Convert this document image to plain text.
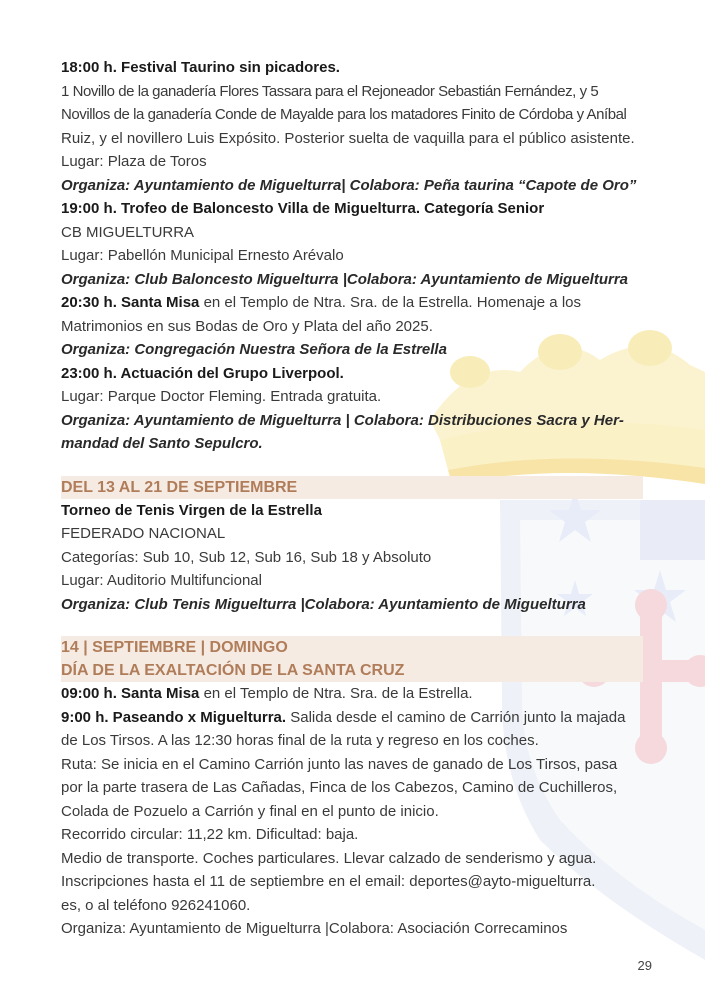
18:00 h. Festival Taurino sin picadores.
1 Novillo de la ganadería Flores Tassara para el Rejoneador Sebastián Fernández, y 5
Novillos de la ganadería Conde de Mayalde para los matadores Finito de Córdoba y Aníbal
Ruiz, y el novillero Luis Expósito. Posterior suelta de vaquilla para el público asistente.
Lugar: Plaza de Toros
Organiza: Ayuntamiento de Miguelturra| Colabora: Peña taurina “Capote de Oro”
19:00 h. Trofeo de Baloncesto Villa de Miguelturra. Categoría Senior
CB MIGUELTURRA
Lugar: Pabellón Municipal Ernesto Arévalo
Organiza: Club Baloncesto Miguelturra |Colabora: Ayuntamiento de Miguelturra
20:30 h. Santa Misa en el Templo de Ntra. Sra. de la Estrella. Homenaje a los
Matrimonios en sus Bodas de Oro y Plata del año 2025.
Organiza: Congregación Nuestra Señora de la Estrella
23:00 h. Actuación del Grupo Liverpool.
Lugar: Parque Doctor Fleming. Entrada gratuita.
Organiza: Ayuntamiento de Miguelturra | Colabora: Distribuciones Sacra y Her-
mandad del Santo Sepulcro.
DEL 13 AL 21 DE SEPTIEMBRE
Torneo de Tenis Virgen de la Estrella
FEDERADO NACIONAL
Categorías: Sub 10, Sub 12, Sub 16, Sub 18 y Absoluto
Lugar: Auditorio Multifuncional
Organiza: Club Tenis Miguelturra |Colabora: Ayuntamiento de Miguelturra
14 | SEPTIEMBRE | DOMINGO
DÍA DE LA EXALTACIÓN DE LA SANTA CRUZ
09:00 h. Santa Misa en el Templo de Ntra. Sra. de la Estrella.
9:00 h. Paseando x Miguelturra. Salida desde el camino de Carrión junto la majada
de Los Tirsos. A las 12:30 horas final de la ruta y regreso en los coches.
Ruta: Se inicia en el Camino Carrión junto las naves de ganado de Los Tirsos, pasa
por la parte trasera de Las Cañadas, Finca de los Cabezos, Camino de Cuchilleros,
Colada de Pozuelo a Carrión y final en el punto de inicio.
Recorrido circular: 11,22 km. Dificultad: baja.
Medio de transporte. Coches particulares. Llevar calzado de senderismo y agua.
Inscripciones hasta el 11 de septiembre en el email: deportes@ayto-miguelturra.
es, o al teléfono 926241060.
Organiza: Ayuntamiento de Miguelturra |Colabora: Asociación Correcaminos
29
